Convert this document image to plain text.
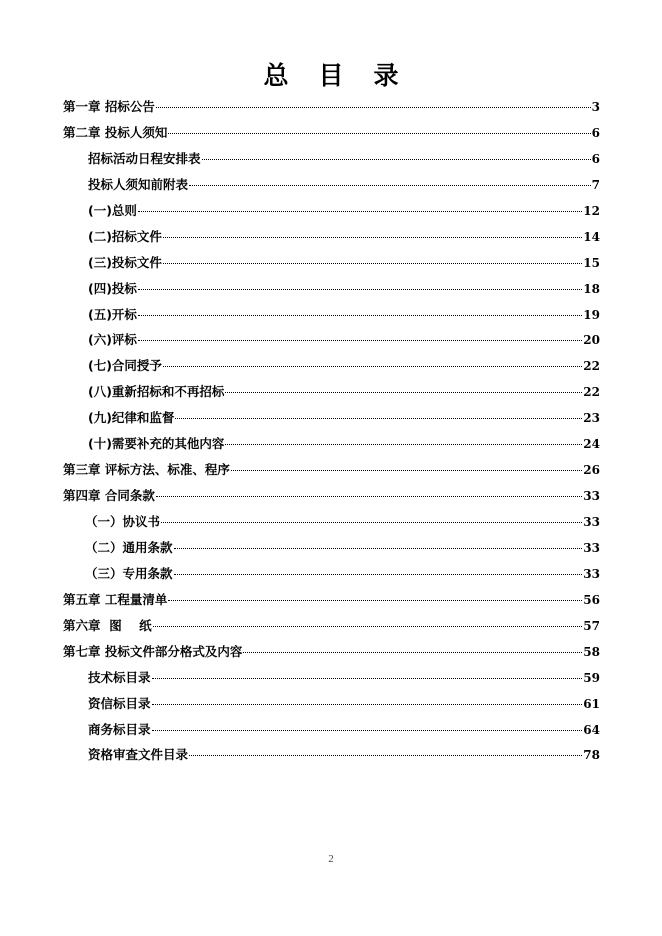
总目录
第一章 招标公告	3
第二章 投标人须知	6
招标活动日程安排表	6
投标人须知前附表	7
(一)总则	12
(二)招标文件	14
(三)投标文件	15
(四)投标	18
(五)开标	19
(六)评标	20
(七)合同授予	22
(八)重新招标和不再招标	22
(九)纪律和监督	23
(十)需要补充的其他内容	24
第三章 评标方法、标准、程序	26
第四章 合同条款	33
（一）协议书	33
（二）通用条款	33
（三）专用条款	33
第五章 工程量清单	56
第六章  图    纸	57
第七章 投标文件部分格式及内容	58
技术标目录	59
资信标目录	61
商务标目录	64
资格审查文件目录	78
2
